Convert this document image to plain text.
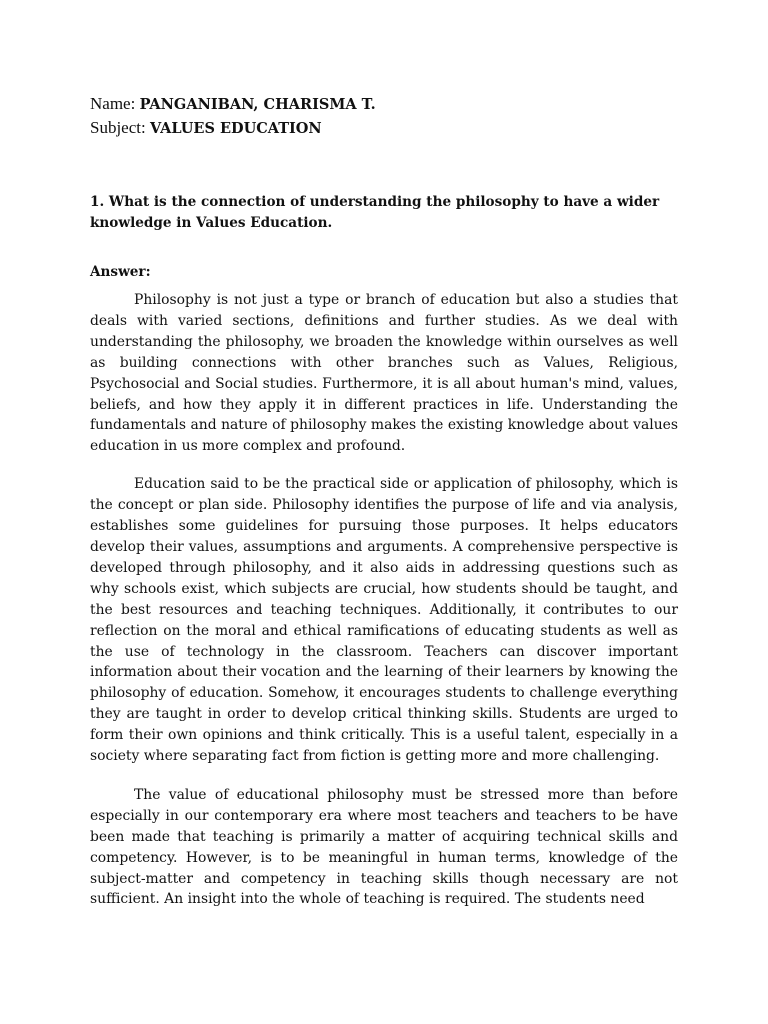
Name: PANGANIBAN, CHARISMA T.

Subject: VALUES EDUCATION

1. What is the connection of understanding the philosophy to have a wider knowledge in Values Education.
Answer:

Philosophy is not just a type or branch of education but also a studies that deals with varied sections, definitions and further studies. As we deal with understanding the philosophy, we broaden the knowledge within ourselves as well as building connections with other branches such as Values, Religious, Psychosocial and Social studies. Furthermore, it is all about human's mind, values, beliefs, and how they apply it in different practices in life. Understanding the fundamentals and nature of philosophy makes the existing knowledge about values education in us more complex and profound.

Education said to be the practical side or application of philosophy, which is the concept or plan side. Philosophy identifies the purpose of life and via analysis, establishes some guidelines for pursuing those purposes. It helps educators develop their values, assumptions and arguments. A comprehensive perspective is developed through philosophy, and it also aids in addressing questions such as why schools exist, which subjects are crucial, how students should be taught, and the best resources and teaching techniques. Additionally, it contributes to our reflection on the moral and ethical ramifications of educating students as well as the use of technology in the classroom. Teachers can discover important information about their vocation and the learning of their learners by knowing the philosophy of education. Somehow, it encourages students to challenge everything they are taught in order to develop critical thinking skills. Students are urged to form their own opinions and think critically. This is a useful talent, especially in a society where separating fact from fiction is getting more and more challenging.

The value of educational philosophy must be stressed more than before especially in our contemporary era where most teachers and teachers to be have been made that teaching is primarily a matter of acquiring technical skills and competency. However, is to be meaningful in human terms, knowledge of the subject-matter and competency in teaching skills though necessary are not sufficient. An insight into the whole of teaching is required. The students need
